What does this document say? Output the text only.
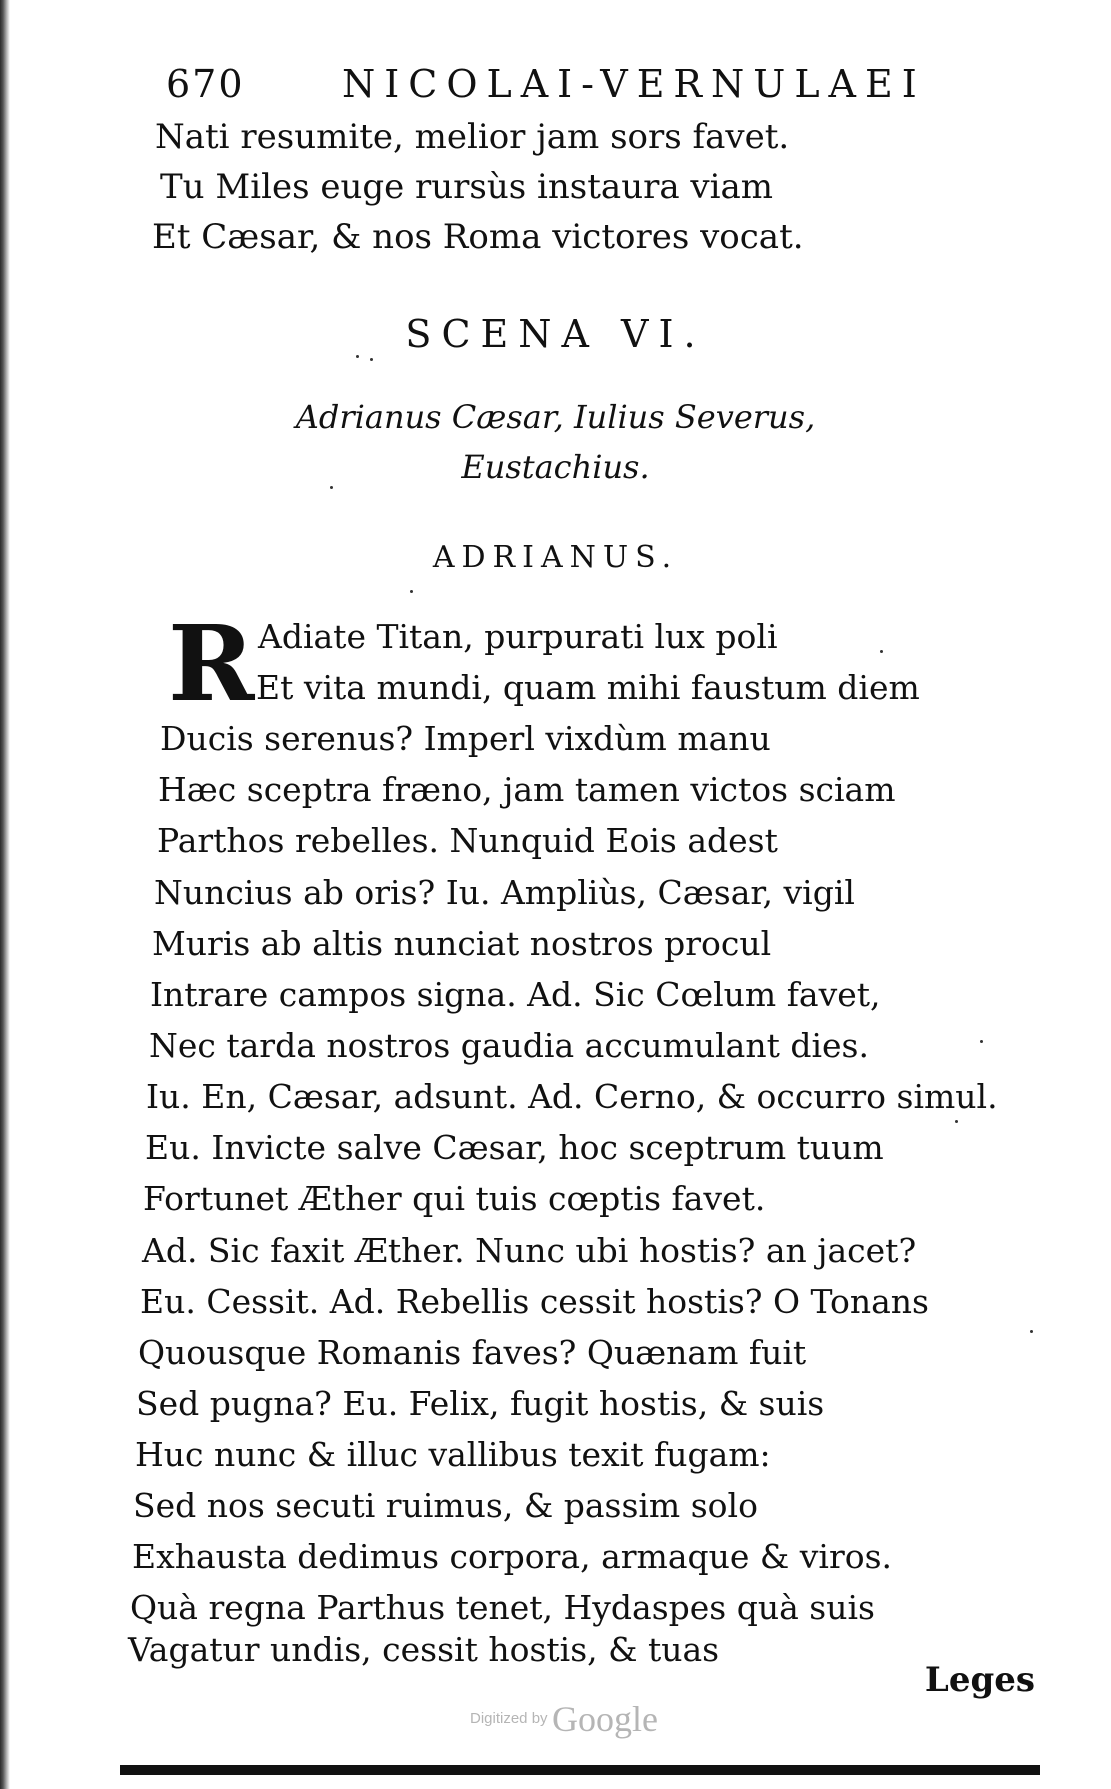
670	NICOLAI-VERNULAEI
Nati resumite, melior jam sors favet.
Tu Miles euge rursùs instaura viam
Et Cæsar, & nos Roma victores vocat.
SCENA VI.
Adrianus Cæsar, Iulius Severus,
Eustachius.
ADRIANUS.
R Adiate Titan, purpurati lux poli
Et vita mundi, quam mihi faustum diem
Ducis serenus? Imperl vixdùm manu
Hæc sceptra fræno, jam tamen victos sciam
Parthos rebelles. Nunquid Eois adest
Nuncius ab oris? Iu. Ampliùs, Cæsar, vigil
Muris ab altis nunciat nostros procul
Intrare campos signa. Ad. Sic Cœlum favet,
Nec tarda nostros gaudia accumulant dies.
Iu. En, Cæsar, adsunt. Ad. Cerno, & occurro simul.
Eu. Invicte salve Cæsar, hoc sceptrum tuum
Fortunet Æther qui tuis cœptis favet.
Ad. Sic faxit Æther. Nunc ubi hostis? an jacet?
Eu. Cessit. Ad. Rebellis cessit hostis? O Tonans
Quousque Romanis faves? Quænam fuit
Sed pugna? Eu. Felix, fugit hostis, & suis
Huc nunc & illuc vallibus texit fugam:
Sed nos secuti ruimus, & passim solo
Exhausta dedimus corpora, armaque & viros.
Quà regna Parthus tenet, Hydaspes quà suis
Vagatur undis, cessit hostis, & tuas
Leges
Digitized by Google
